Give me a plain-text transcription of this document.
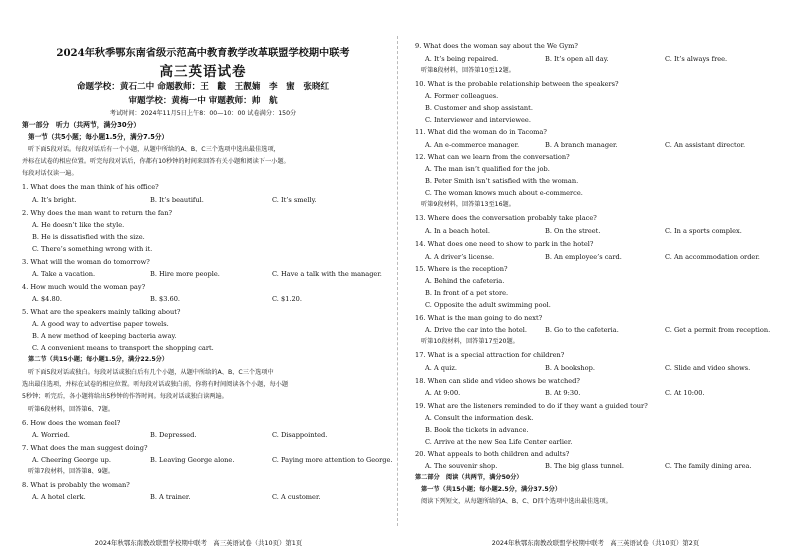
2024年秋季鄂东南省级示范高中教育教学改革联盟学校期中联考
高三英语试卷
命题学校：黄石二中 命题教师：王　黻　王靓婻　李　蜜　张晓红
审题学校：黄梅一中 审题教师：帅　航
考试时间：2024年11月5日上午8：00—10：00 试卷满分：150分
第一部分　听力（共两节，满分30分）
第一节（共5小题；每小题1.5分，满分7.5分）
听下面5段对话。每段对话后有一个小题，从题中所给的A、B、C三个选项中选出最佳选项，
并标在试卷的相应位置。听完每段对话后，你都有10秒钟的时间来回答有关小题和阅读下一小题。
每段对话仅读一遍。
1. What does the man think of his office?
A. It’s bright.	B. It’s beautiful.	C. It’s smelly.
2. Why does the man want to return the fan?
A. He doesn’t like the style.
B. He is dissatisfied with the size.
C. There’s something wrong with it.
3. What will the woman do tomorrow?
A. Take a vacation.	B. Hire more people.	C. Have a talk with the manager.
4. How much would the woman pay?
A. $4.80.	B. $3.60.	C. $1.20.
5. What are the speakers mainly talking about?
A. A good way to advertise paper towels.
B. A new method of keeping bacteria away.
C. A convenient means to transport the shopping cart.
第二节（共15小题；每小题1.5分，满分22.5分）
听下面5段对话或独白。每段对话或独白后有几个小题，从题中所给的A、B、C三个选项中
选出最佳选项，并标在试卷的相应位置。听每段对话或独白前，你将有时间阅读各个小题，每小题
5秒钟；听完后，各小题将给出5秒钟的作答时间。每段对话或独白读两遍。
听第6段材料，回答第6、7题。
6. How does the woman feel?
A. Worried.	B. Depressed.	C. Disappointed.
7. What does the man suggest doing?
A. Cheering George up.	B. Leaving George alone.	C. Paying more attention to George.
听第7段材料，回答第8、9题。
8. What is probably the woman?
A. A hotel clerk.	B. A trainer.	C. A customer.
2024年秋鄂东南教改联盟学校期中联考　高三英语试卷（共10页）第1页
9. What does the woman say about the We Gym?
A. It’s being repaired.	B. It’s open all day.	C. It’s always free.
听第8段材料，回答第10至12题。
10. What is the probable relationship between the speakers?
A. Former colleagues.
B. Customer and shop assistant.
C. Interviewer and interviewee.
11. What did the woman do in Tacoma?
A. An e-commerce manager.	B. A branch manager.	C. An assistant director.
12. What can we learn from the conversation?
A. The man isn’t qualified for the job.
B. Peter Smith isn’t satisfied with the woman.
C. The woman knows much about e-commerce.
听第9段材料，回答第13至16题。
13. Where does the conversation probably take place?
A. In a beach hotel.	B. On the street.	C. In a sports complex.
14. What does one need to show to park in the hotel?
A. A driver’s license.	B. An employee’s card.	C. An accommodation order.
15. Where is the reception?
A. Behind the cafeteria.
B. In front of a pet store.
C. Opposite the adult swimming pool.
16. What is the man going to do next?
A. Drive the car into the hotel.	B. Go to the cafeteria.	C. Get a permit from reception.
听第10段材料，回答第17至20题。
17. What is a special attraction for children?
A. A quiz.	B. A bookshop.	C. Slide and video shows.
18. When can slide and video shows be watched?
A. At 9:00.	B. At 9:30.	C. At 10:00.
19. What are the listeners reminded to do if they want a guided tour?
A. Consult the information desk.
B. Book the tickets in advance.
C. Arrive at the new Sea Life Center earlier.
20. What appeals to both children and adults?
A. The souvenir shop.	B. The big glass tunnel.	C. The family dining area.
第二部分　阅读（共两节，满分50分）
第一节（共15小题；每小题2.5分，满分37.5分）
阅读下列短文，从每题所给的A、B、C、D四个选项中选出最佳选项。
2024年秋鄂东南教改联盟学校期中联考　高三英语试卷（共10页）第2页
